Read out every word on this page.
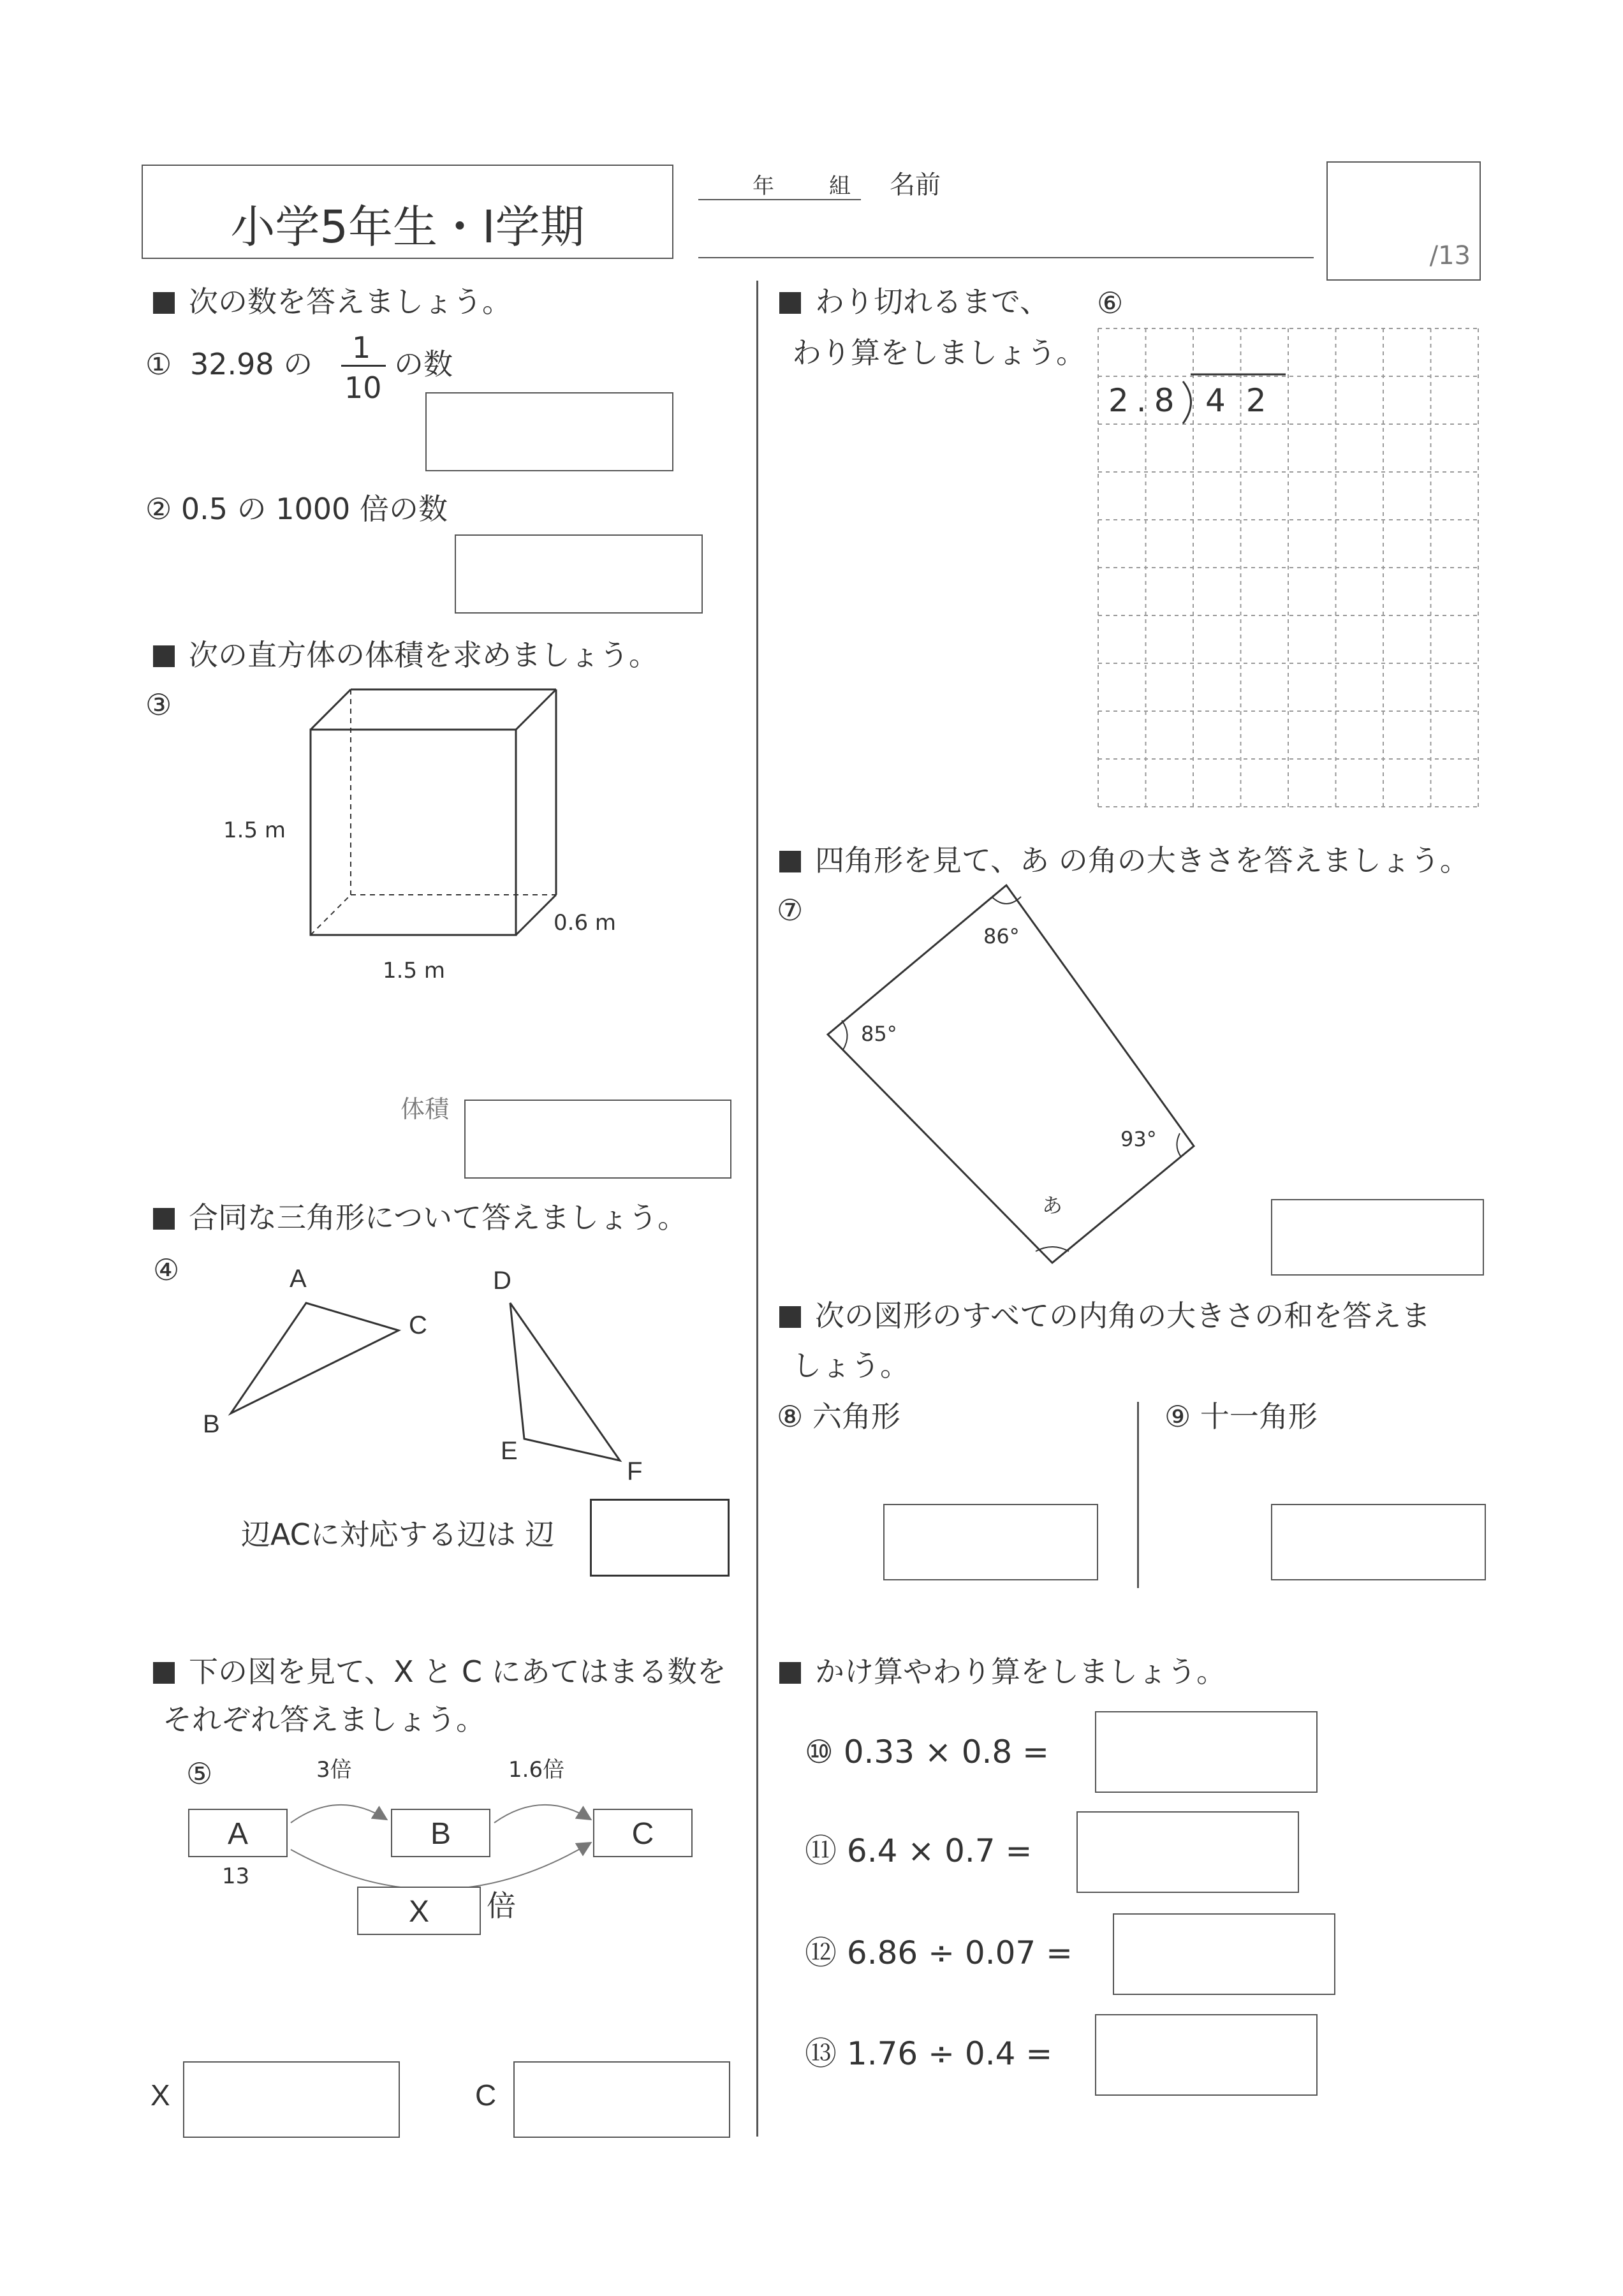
小学5年生・Ⅰ学期
年	組 名前
/13
次の数を答えましょう。
① 32.98 の 1
10
の数
② 0.5 の 1000 倍の数
次の直方体の体積を求めましょう。
③
1.5 m
0.6 m
1.5 m
体積
合同な三角形について答えましょう。
④	A
C
B
D
E
F
辺ACに対応する辺は 辺
下の図を見て、X と C にあてはまる数を
それぞれ答えましょう。
⑤	3倍	1.6倍
A
13
B	C
X	倍
X	C
わり切れるまで、
わり算をしましょう。
⑥
2.8 4 2
四角形を見て、あ の角の大きさを答えましょう。
⑦
86°
85°
93°
あ
次の図形のすべての内角の大きさの和を答えま
しょう。
⑧ 六角形	⑨ 十一角形
かけ算やわり算をしましょう。
⑩ 0.33 × 0.8 =
⑪ 6.4 × 0.7 =
⑫ 6.86 ÷ 0.07 =
⑬ 1.76 ÷ 0.4 =
